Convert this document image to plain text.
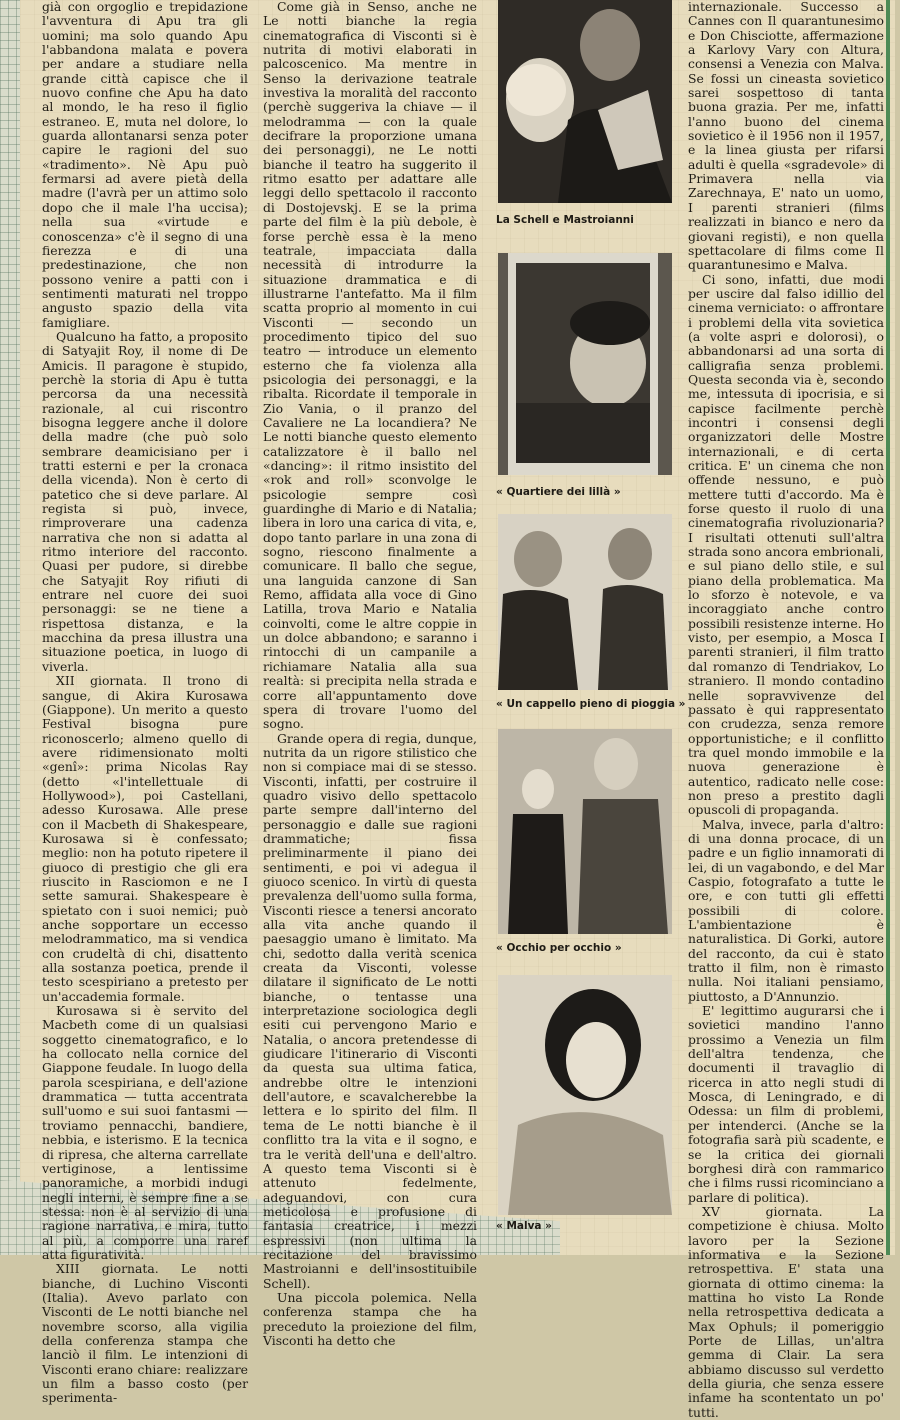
già con orgoglio e trepidazione l'avventura di Apu tra gli uomini; ma solo quando Apu l'abbandona malata e povera per andare a studiare nella grande città capisce che il nuovo confine che Apu ha dato al mondo, le ha reso il figlio estraneo. E, muta nel dolore, lo guarda allontanarsi senza poter capire le ragioni del suo «tradimento». Nè Apu può fermarsi ad avere pietà della madre (l'avrà per un attimo solo dopo che il male l'ha uccisa); nella sua «virtude e conoscenza» c'è il segno di una fierezza e di una predestinazione, che non possono venire a patti con i sentimenti maturati nel troppo angusto spazio della vita famigliare.

Qualcuno ha fatto, a proposito di Satyajit Roy, il nome di De Amicis. Il paragone è stupido, perchè la storia di Apu è tutta percorsa da una necessità razionale, al cui riscontro bisogna leggere anche il dolore della madre (che può solo sembrare deamicisiano per i tratti esterni e per la cronaca della vicenda). Non è certo di patetico che si deve parlare. Al regista si può, invece, rimproverare una cadenza narrativa che non si adatta al ritmo interiore del racconto. Quasi per pudore, si direbbe che Satyajit Roy rifiuti di entrare nel cuore dei suoi personaggi: se ne tiene a rispettosa distanza, e la macchina da presa illustra una situazione poetica, in luogo di viverla.

XII giornata. Il trono di sangue, di Akira Kurosawa (Giappone). Un merito a questo Festival bisogna pure riconoscerlo; almeno quello di avere ridimensionato molti «genî»: prima Nicolas Ray (detto «l'intellettuale di Hollywood»), poi Castellani, adesso Kurosawa. Alle prese con il Macbeth di Shakespeare, Kurosawa si è confessato; meglio: non ha potuto ripetere il giuoco di prestigio che gli era riuscito in Rasciomon e ne I sette samurai. Shakespeare è spietato con i suoi nemici; può anche sopportare un eccesso melodrammatico, ma si vendica con crudeltà di chi, disattento alla sostanza poetica, prende il testo scespiriano a pretesto per un'accademia formale.

Kurosawa si è servito del Macbeth come di un qualsiasi soggetto cinematografico, e lo ha collocato nella cornice del Giappone feudale. In luogo della parola scespiriana, e dell'azione drammatica — tutta accentrata sull'uomo e sui suoi fantasmi — troviamo pennacchi, bandiere, nebbia, e isterismo. E la tecnica di ripresa, che alterna carrellate vertiginose, a lentissime panoramiche, a morbidi indugi negli interni, è sempre fine a se stessa: non è al servizio di una ragione narrativa, e mira, tutto al più, a comporre una raref atta figuratività.

XIII giornata. Le notti bianche, di Luchino Visconti (Italia). Avevo parlato con Visconti de Le notti bianche nel novembre scorso, alla vigilia della conferenza stampa che lanciò il film. Le intenzioni di Visconti erano chiare: realizzare un film a basso costo (per sperimenta-

Come già in Senso, anche ne Le notti bianche la regia cinematografica di Visconti si è nutrita di motivi elaborati in palcoscenico. Ma mentre in Senso la derivazione teatrale investiva la moralità del racconto (perchè suggeriva la chiave — il melodramma — con la quale decifrare la proporzione umana dei personaggi), ne Le notti bianche il teatro ha suggerito il ritmo esatto per adattare alle leggi dello spettacolo il racconto di Dostojevskj. E se la prima parte del film è la più debole, è forse perchè essa è la meno teatrale, impacciata dalla necessità di introdurre la situazione drammatica e di illustrarne l'antefatto. Ma il film scatta proprio al momento in cui Visconti — secondo un procedimento tipico del suo teatro — introduce un elemento esterno che fa violenza alla psicologia dei personaggi, e la ribalta. Ricordate il temporale in Zio Vania, o il pranzo del Cavaliere ne La locandiera? Ne Le notti bianche questo elemento catalizzatore è il ballo nel «dancing»: il ritmo insistito del «rok and roll» sconvolge le psicologie sempre così guardinghe di Mario e di Natalia; libera in loro una carica di vita, e, dopo tanto parlare in una zona di sogno, riescono finalmente a comunicare. Il ballo che segue, una languida canzone di San Remo, affidata alla voce di Gino Latilla, trova Mario e Natalia coinvolti, come le altre coppie in un dolce abbandono; e saranno i rintocchi di un campanile a richiamare Natalia alla sua realtà: si precipita nella strada e corre all'appuntamento dove spera di trovare l'uomo del sogno.

Grande opera di regia, dunque, nutrita da un rigore stilistico che non si compiace mai di se stesso. Visconti, infatti, per costruire il quadro visivo dello spettacolo parte sempre dall'interno del personaggio e dalle sue ragioni drammatiche; fissa preliminarmente il piano dei sentimenti, e poi vi adegua il giuoco scenico. In virtù di questa prevalenza dell'uomo sulla forma, Visconti riesce a tenersi ancorato alla vita anche quando il paesaggio umano è limitato. Ma chi, sedotto dalla verità scenica creata da Visconti, volesse dilatare il significato de Le notti bianche, o tentasse una interpretazione sociologica degli esiti cui pervengono Mario e Natalia, o ancora pretendesse di giudicare l'itinerario di Visconti da questa sua ultima fatica, andrebbe oltre le intenzioni dell'autore, e scavalcherebbe la lettera e lo spirito del film. Il tema de Le notti bianche è il conflitto tra la vita e il sogno, e tra le verità dell'una e dell'altro. A questo tema Visconti si è attenuto fedelmente, adeguandovi, con cura meticolosa e profusione di fantasia creatrice, i mezzi espressivi (non ultima la recitazione del bravissimo Mastroianni e dell'insostituibile Schell).

Una piccola polemica. Nella conferenza stampa che ha preceduto la proiezione del film, Visconti ha detto che

La Schell e Mastroianni
« Quartiere dei lillà »
« Un cappello pieno di pioggia »
« Occhio per occhio »
« Malva »

internazionale. Successo a Cannes con Il quarantunesimo e Don Chisciotte, affermazione a Karlovy Vary con Altura, consensi a Venezia con Malva. Se fossi un cineasta sovietico sarei sospettoso di tanta buona grazia. Per me, infatti l'anno buono del cinema sovietico è il 1956 non il 1957, e la linea giusta per rifarsi adulti è quella «sgradevole» di Primavera nella via Zarechnaya, E' nato un uomo, I parenti stranieri (films realizzati in bianco e nero da giovani registi), e non quella spettacolare di films come Il quarantunesimo e Malva.

Ci sono, infatti, due modi per uscire dal falso idillio del cinema verniciato: o affrontare i problemi della vita sovietica (a volte aspri e dolorosi), o abbandonarsi ad una sorta di calligrafia senza problemi. Questa seconda via è, secondo me, intessuta di ipocrisia, e si capisce facilmente perchè incontri i consensi degli organizzatori delle Mostre internazionali, e di certa critica. E' un cinema che non offende nessuno, e può mettere tutti d'accordo. Ma è forse questo il ruolo di una cinematografia rivoluzionaria? I risultati ottenuti sull'altra strada sono ancora embrionali, e sul piano dello stile, e sul piano della problematica. Ma lo sforzo è notevole, e va incoraggiato anche contro possibili resistenze interne. Ho visto, per esempio, a Mosca I parenti stranieri, il film tratto dal romanzo di Tendriakov, Lo straniero. Il mondo contadino nelle sopravvivenze del passato è qui rappresentato con crudezza, senza remore opportunistiche; e il conflitto tra quel mondo immobile e la nuova generazione è autentico, radicato nelle cose: non preso a prestito dagli opuscoli di propaganda.

Malva, invece, parla d'altro: di una donna procace, di un padre e un figlio innamorati di lei, di un vagabondo, e del Mar Caspio, fotografato a tutte le ore, e con tutti gli effetti possibili di colore. L'ambientazione è naturalistica. Di Gorki, autore del racconto, da cui è stato tratto il film, non è rimasto nulla. Noi italiani pensiamo, piuttosto, a D'Annunzio.

E' legittimo augurarsi che i sovietici mandino l'anno prossimo a Venezia un film dell'altra tendenza, che documenti il travaglio di ricerca in atto negli studi di Mosca, di Leningrado, e di Odessa: un film di problemi, per intenderci. (Anche se la fotografia sarà più scadente, e se la critica dei giornali borghesi dirà con rammarico che i films russi ricominciano a parlare di politica).

XV giornata. La competizione è chiusa. Molto lavoro per la Sezione informativa e la Sezione retrospettiva. E' stata una giornata di ottimo cinema: la mattina ho visto La Ronde nella retrospettiva dedicata a Max Ophuls; il pomeriggio Porte de Lillas, un'altra gemma di Clair. La sera abbiamo discusso sul verdetto della giuria, che senza essere infame ha scontentato un po' tutti.
